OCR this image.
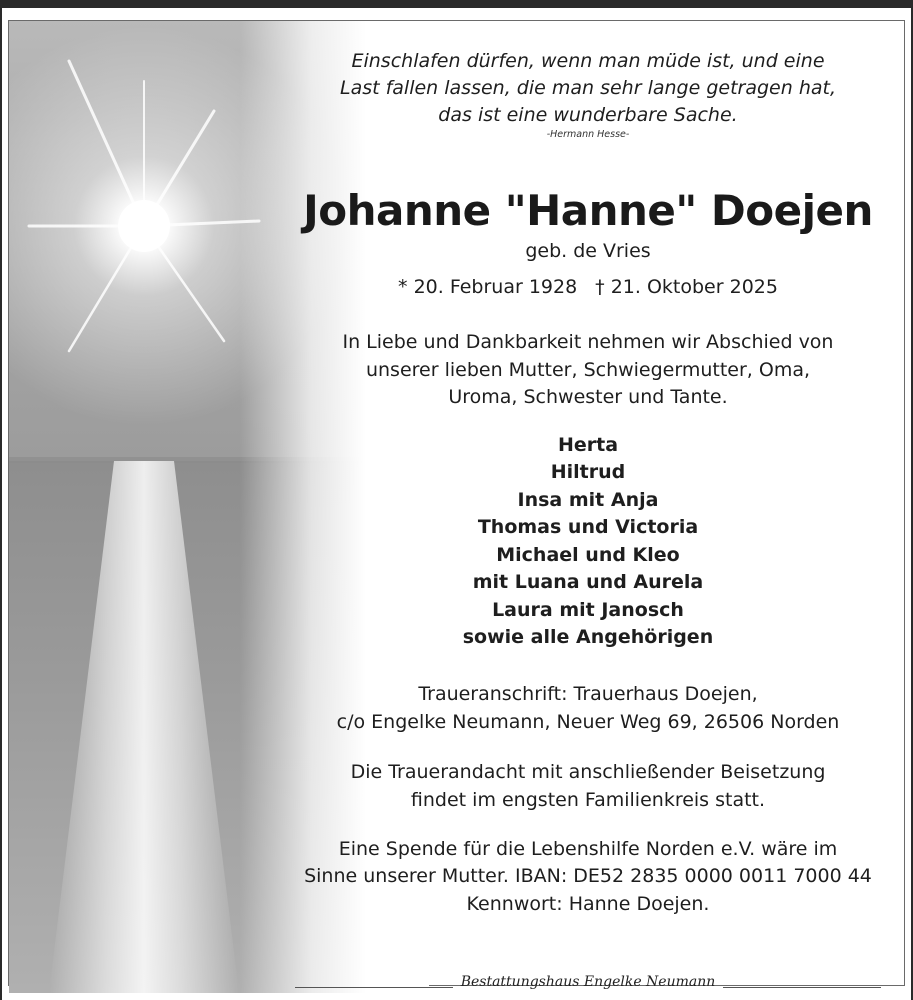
Einschlafen dürfen, wenn man müde ist, und eine

Last fallen lassen, die man sehr lange getragen hat,

das ist eine wunderbare Sache.

-Hermann Hesse-

Johanne "Hanne" Doejen

geb. de Vries

* 20. Februar 1928 † 21. Oktober 2025

In Liebe und Dankbarkeit nehmen wir Abschied von
unserer lieben Mutter, Schwiegermutter, Oma,
Uroma, Schwester und Tante.

Herta

Hiltrud

Insa mit Anja

Thomas und Victoria

Michael und Kleo

mit Luana und Aurela

Laura mit Janosch

sowie alle Angehörigen

Traueranschrift: Trauerhaus Doejen,
c/o Engelke Neumann, Neuer Weg 69, 26506 Norden
Die Trauerandacht mit anschließender Beisetzung
findet im engsten Familienkreis statt.
Eine Spende für die Lebenshilfe Norden e.V. wäre im
Sinne unserer Mutter. IBAN: DE52 2835 0000 0011 7000 44
Kennwort: Hanne Doejen.
Bestattungshaus Engelke Neumann
